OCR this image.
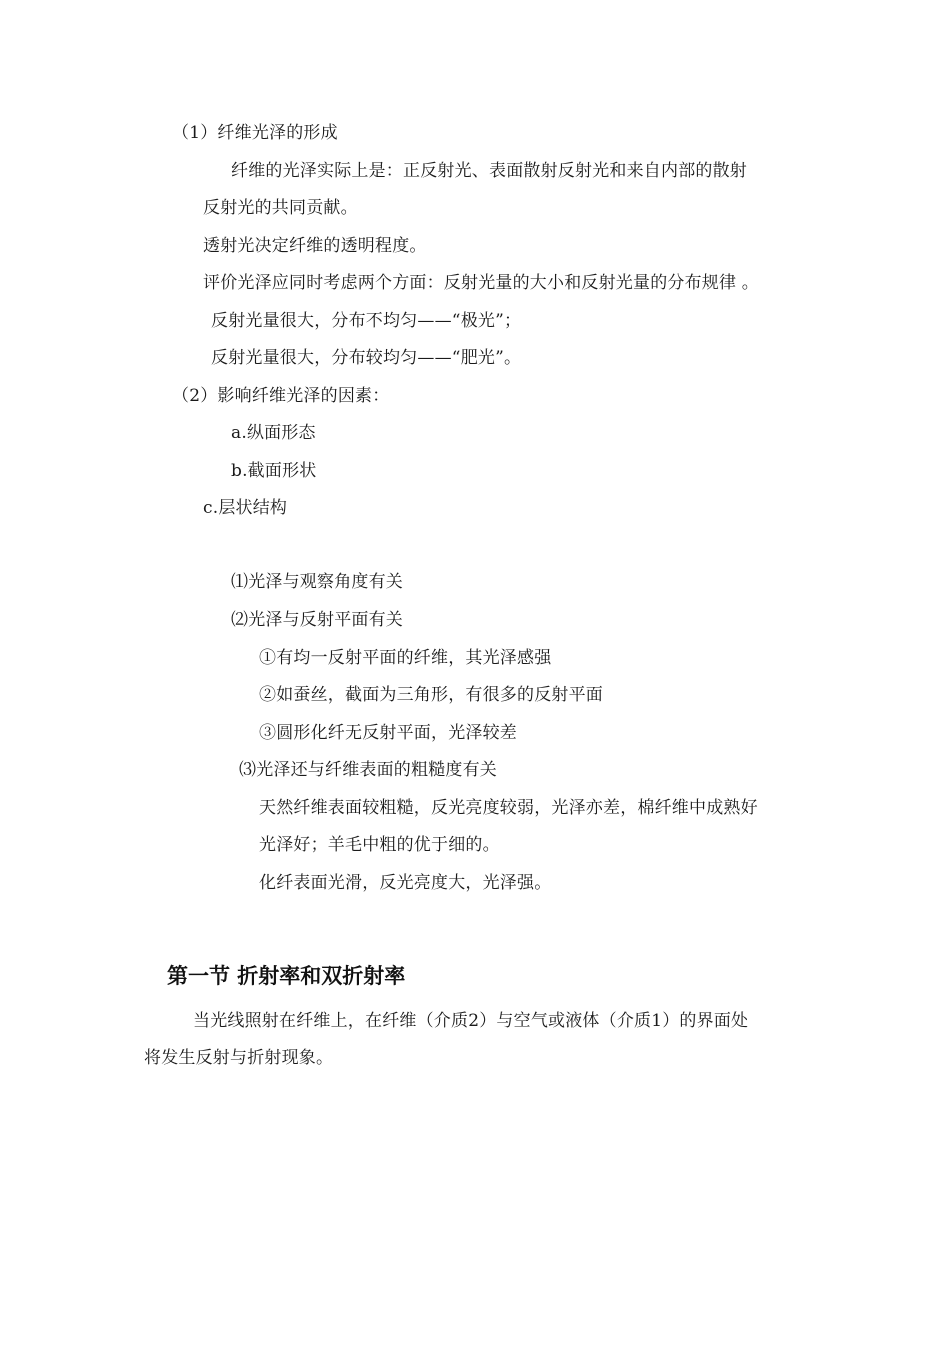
（1）纤维光泽的形成
纤维的光泽实际上是：正反射光、表面散射反射光和来自内部的散射
反射光的共同贡献。
透射光决定纤维的透明程度。
评价光泽应同时考虑两个方面：反射光量的大小和反射光量的分布规律 。
反射光量很大，分布不均匀——“极光”；
反射光量很大，分布较均匀——“肥光”。
（2）影响纤维光泽的因素：
a.纵面形态
b.截面形状
c.层状结构
⑴光泽与观察角度有关
⑵光泽与反射平面有关
①有均一反射平面的纤维，其光泽感强
②如蚕丝，截面为三角形，有很多的反射平面
③圆形化纤无反射平面，光泽较差
⑶光泽还与纤维表面的粗糙度有关
天然纤维表面较粗糙，反光亮度较弱，光泽亦差，棉纤维中成熟好
光泽好；羊毛中粗的优于细的。
化纤表面光滑，反光亮度大，光泽强。
第一节 折射率和双折射率
当光线照射在纤维上，在纤维（介质2）与空气或液体（介质1）的界面处
将发生反射与折射现象。
